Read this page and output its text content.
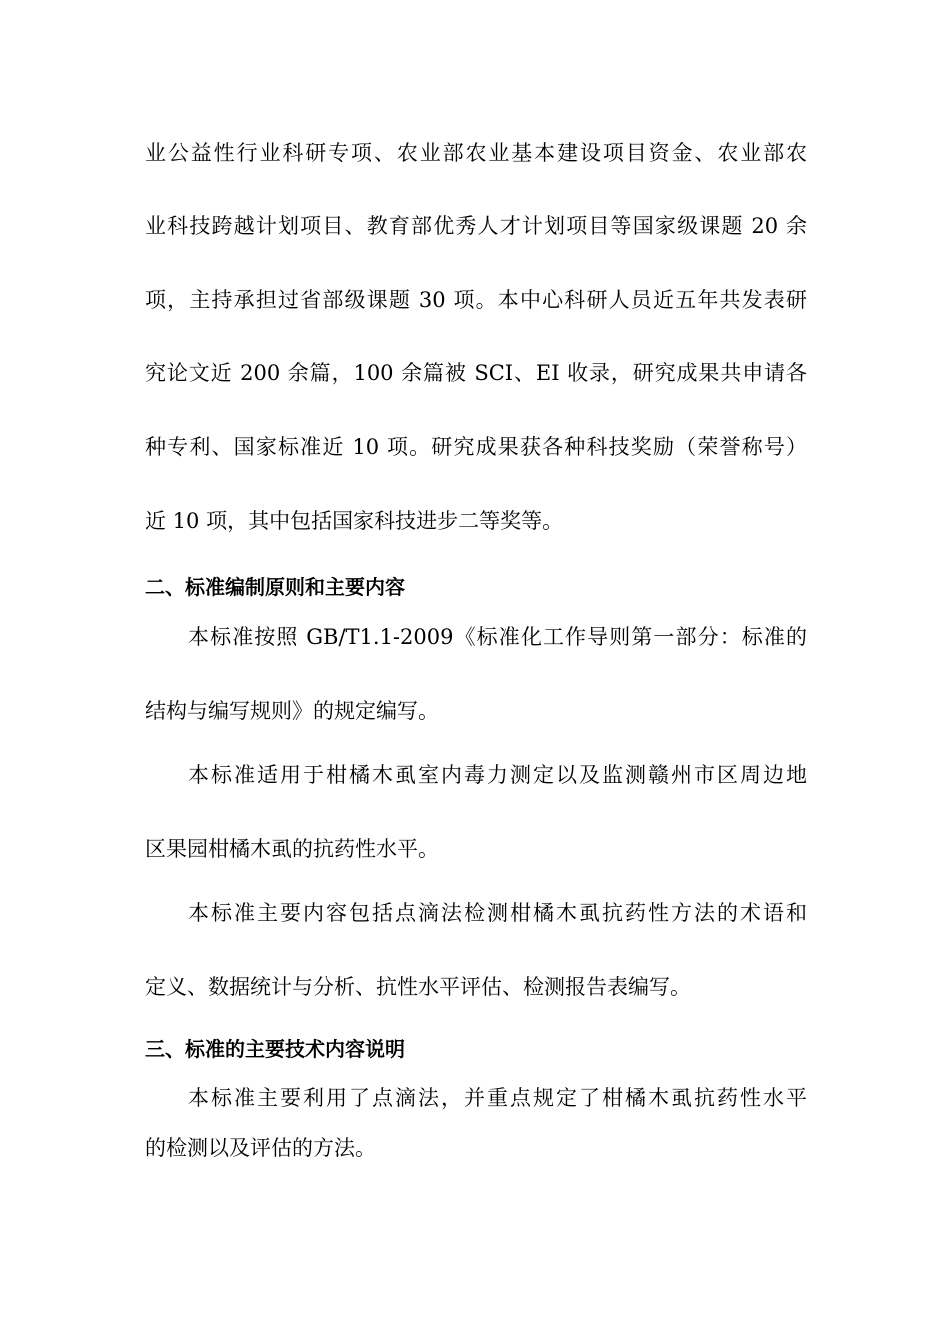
业公益性行业科研专项、农业部农业基本建设项目资金、农业部农
业科技跨越计划项目、教育部优秀人才计划项目等国家级课题 20 余
项，主持承担过省部级课题 30 项。本中心科研人员近五年共发表研
究论文近 200 余篇，100 余篇被 SCI、EI 收录，研究成果共申请各
种专利、国家标准近 10 项。研究成果获各种科技奖励（荣誉称号）
近 10 项，其中包括国家科技进步二等奖等。
二、标准编制原则和主要内容
本标准按照 GB/T1.1-2009《标准化工作导则第一部分：标准的
结构与编写规则》的规定编写。
本标准适用于柑橘木虱室内毒力测定以及监测赣州市区周边地
区果园柑橘木虱的抗药性水平。
本标准主要内容包括点滴法检测柑橘木虱抗药性方法的术语和
定义、数据统计与分析、抗性水平评估、检测报告表编写。
三、标准的主要技术内容说明
本标准主要利用了点滴法，并重点规定了柑橘木虱抗药性水平
的检测以及评估的方法。
